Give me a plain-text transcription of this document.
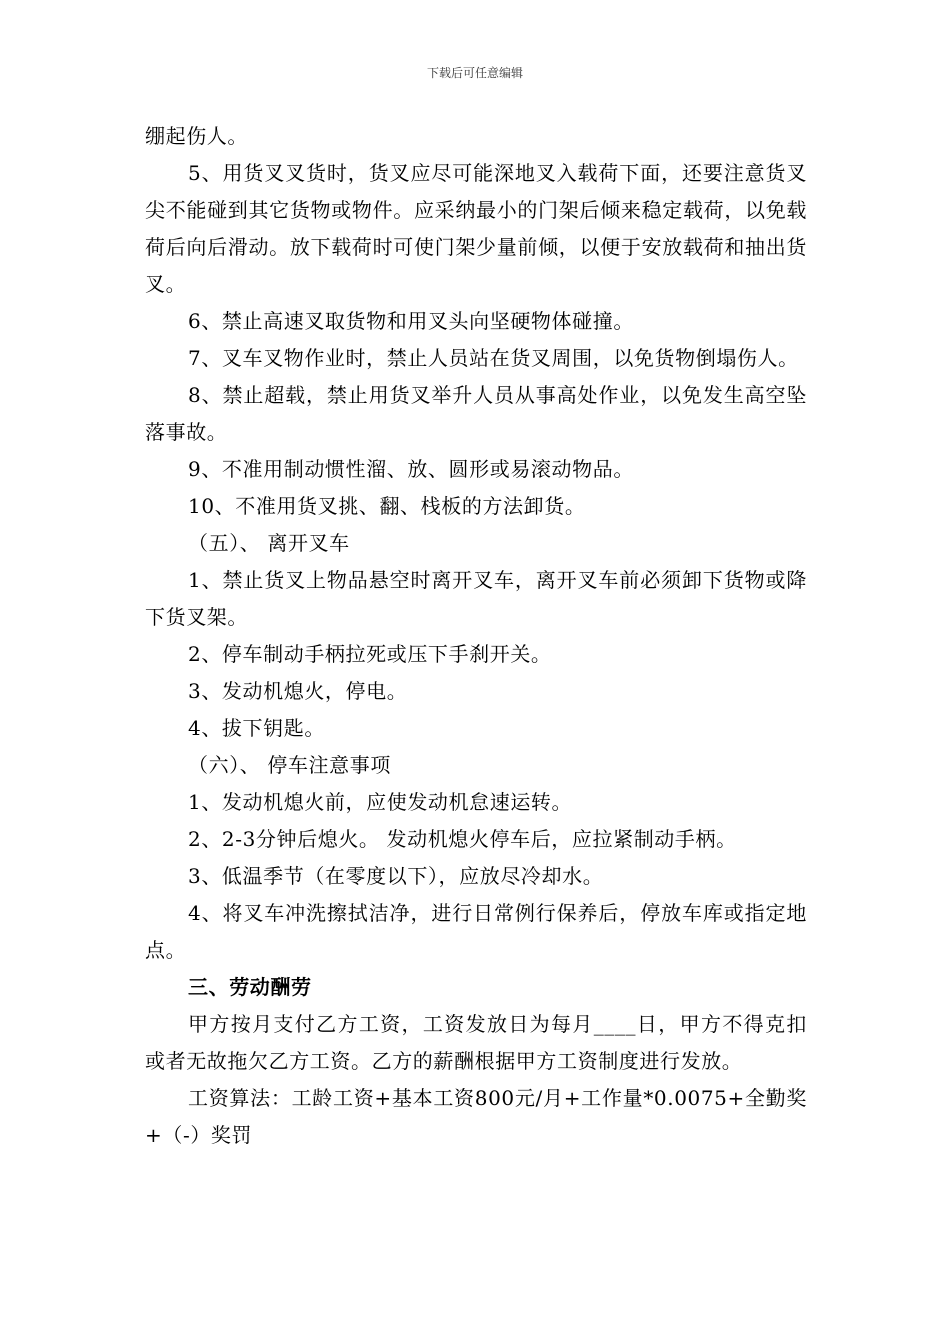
下载后可任意编辑

绷起伤人。

5、用货叉叉货时，货叉应尽可能深地叉入载荷下面，还要注意货叉尖不能碰到其它货物或物件。应采纳最小的门架后倾来稳定载荷，以免载荷后向后滑动。放下载荷时可使门架少量前倾，以便于安放载荷和抽出货叉。

6、禁止高速叉取货物和用叉头向坚硬物体碰撞。

7、叉车叉物作业时，禁止人员站在货叉周围，以免货物倒塌伤人。

8、禁止超载，禁止用货叉举升人员从事高处作业，以免发生高空坠落事故。

9、不准用制动惯性溜、放、圆形或易滚动物品。

10、不准用货叉挑、翻、栈板的方法卸货。

（五）、 离开叉车

1、禁止货叉上物品悬空时离开叉车，离开叉车前必须卸下货物或降下货叉架。

2、停车制动手柄拉死或压下手刹开关。

3、发动机熄火，停电。

4、拔下钥匙。

（六）、 停车注意事项

1、发动机熄火前，应使发动机怠速运转。

2、2-3分钟后熄火。 发动机熄火停车后，应拉紧制动手柄。

3、低温季节（在零度以下），应放尽冷却水。

4、将叉车冲洗擦拭洁净，进行日常例行保养后，停放车库或指定地点。

三、劳动酬劳

甲方按月支付乙方工资，工资发放日为每月____日，甲方不得克扣或者无故拖欠乙方工资。乙方的薪酬根据甲方工资制度进行发放。

工资算法：工龄工资+基本工资800元/月+工作量*0.0075+全勤奖+（-）奖罚
